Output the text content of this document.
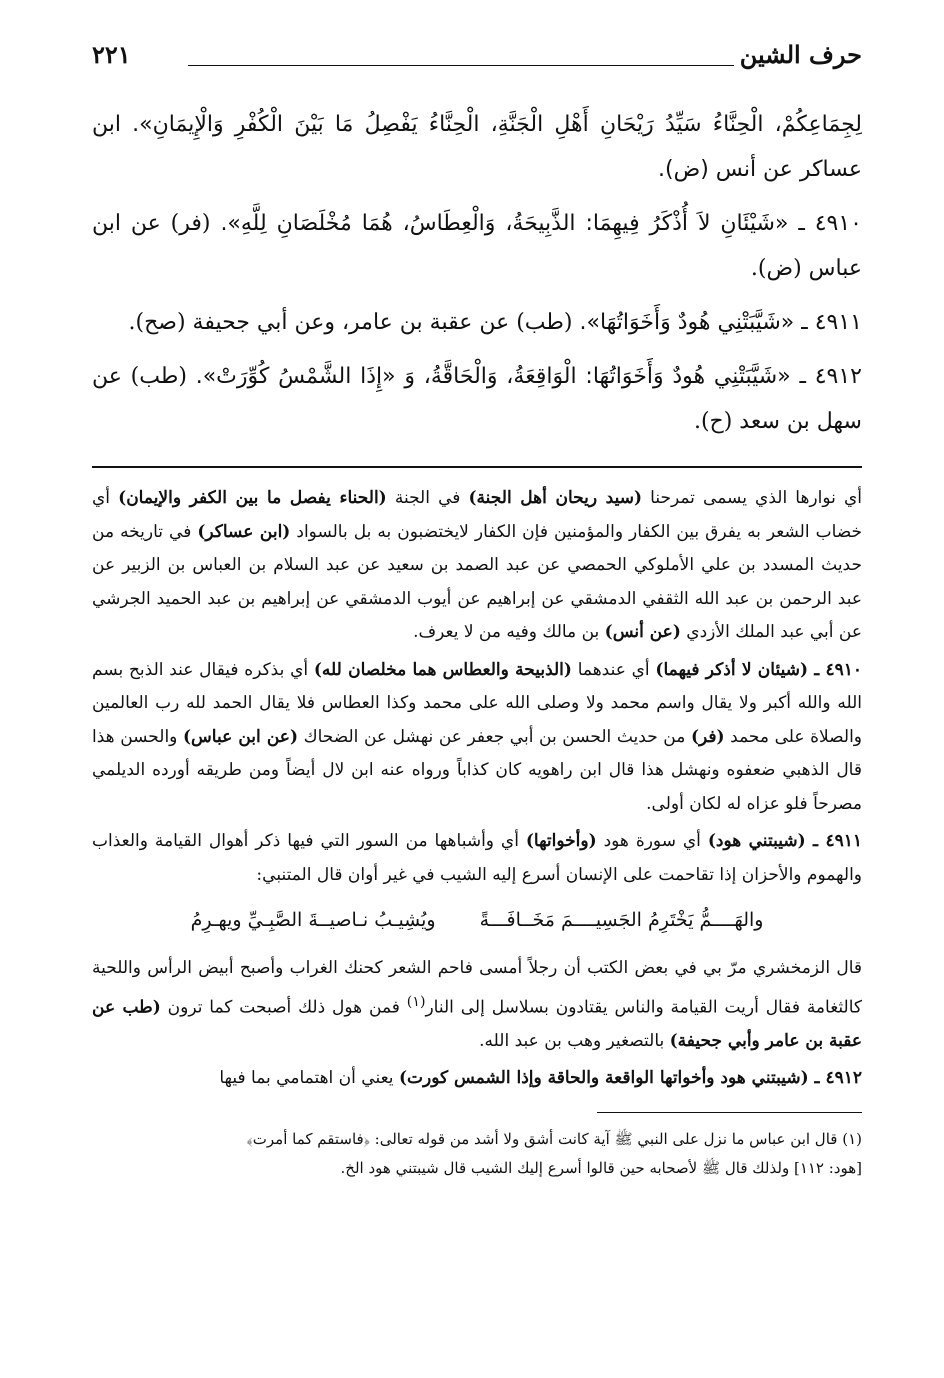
حرف الشين
٢٢١

لِجِمَاعِكُمْ، الْحِنَّاءُ سَيِّدُ رَيْحَانِ أَهْلِ الْجَنَّةِ، الْحِنَّاءُ يَفْصِلُ مَا بَيْنَ الْكُفْرِ وَالْإِيمَانِ». ابن عساكر عن أنس (ض).

٤٩١٠ ـ «شَيْئَانِ لاَ أُذْكَرُ فِيهِمَا: الذَّبِيحَةُ، وَالْعِطَاسُ، هُمَا مُخْلَصَانِ لِلَّهِ». (فر) عن ابن عباس (ض).

٤٩١١ ـ «شَيَّبَتْنِي هُودٌ وَأَخَوَاتُهَا». (طب) عن عقبة بن عامر، وعن أبي جحيفة (صح).

٤٩١٢ ـ «شَيَّبَتْنِي هُودٌ وَأَخَوَاتُهَا: الْوَاقِعَةُ، وَالْحَاقَّةُ، وَ «إِذَا الشَّمْسُ كُوِّرَتْ». (طب) عن سهل بن سعد (ح).

أي نوارها الذي يسمى تمرحنا (سيد ريحان أهل الجنة) في الجنة (الحناء يفصل ما بين الكفر والإيمان) أي خضاب الشعر به يفرق بين الكفار والمؤمنين فإن الكفار لايختضبون به بل بالسواد (ابن عساكر) في تاريخه من حديث المسدد بن علي الأملوكي الحمصي عن عبد الصمد بن سعيد عن عبد السلام بن العباس بن الزبير عن عبد الرحمن بن عبد الله الثقفي الدمشقي عن إبراهيم عن أيوب الدمشقي عن إبراهيم بن عبد الحميد الجرشي عن أبي عبد الملك الأزدي (عن أنس) بن مالك وفيه من لا يعرف.

٤٩١٠ ـ (شيئان لا أذكر فيهما) أي عندهما (الذبيحة والعطاس هما مخلصان لله) أي بذكره فيقال عند الذبح بسم الله والله أكبر ولا يقال واسم محمد ولا وصلى الله على محمد وكذا العطاس فلا يقال الحمد لله رب العالمين والصلاة على محمد (فر) من حديث الحسن بن أبي جعفر عن نهشل عن الضحاك (عن ابن عباس) والحسن هذا قال الذهبي ضعفوه ونهشل هذا قال ابن راهويه كان كذاباً ورواه عنه ابن لال أيضاً ومن طريقه أورده الديلمي مصرحاً فلو عزاه له لكان أولى.

٤٩١١ ـ (شيبتني هود) أي سورة هود (وأخواتها) أي وأشباهها من السور التي فيها ذكر أهوال القيامة والعذاب والهموم والأحزان إذا تقاحمت على الإنسان أسرع إليه الشيب في غير أوان قال المتنبي:

والهَــــمُّ يَخْتَرِمُ الجَسِيــــمَ مَخَــافَـــةً
ويُشِيـبُ نـاصيــةَ الصَّبِـيِّ ويهـرِمُ

قال الزمخشري مرّ بي في بعض الكتب أن رجلاً أمسى فاحم الشعر كحنك الغراب وأصبح أبيض الرأس واللحية كالثغامة فقال أريت القيامة والناس يقتادون بسلاسل إلى النار$^{(١)}$ فمن هول ذلك أصبحت كما ترون (طب عن عقبة بن عامر وأبي جحيفة) بالتصغير وهب بن عبد الله.

٤٩١٢ ـ (شيبتني هود وأخواتها الواقعة والحاقة وإذا الشمس كورت) يعني أن اهتمامي بما فيها

(١) قال ابن عباس ما نزل على النبي ﷺ آية كانت أشق ولا أشد من قوله تعالى: ﴿فاستقم كما أمرت﴾

[هود: ١١٢] ولذلك قال ﷺ لأصحابه حين قالوا أسرع إليك الشيب قال شيبتني هود الخ.
